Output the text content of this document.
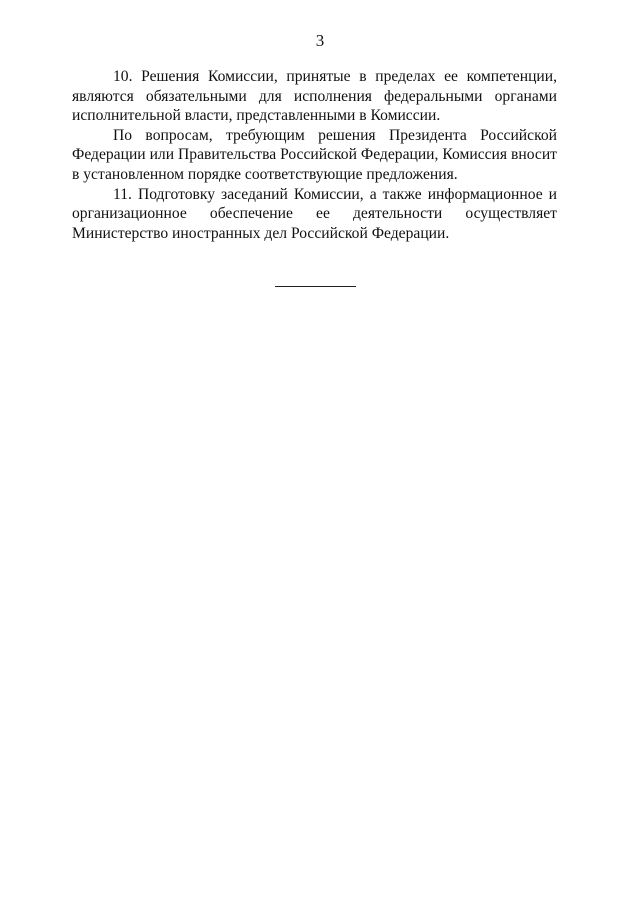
3

10. Решения Комиссии, принятые в пределах ее компетенции, являются обязательными для исполнения федеральными органами исполнительной власти, представленными в Комиссии.

По вопросам, требующим решения Президента Российской Федерации или Правительства Российской Федерации, Комиссия вносит в установленном порядке соответствующие предложения.

11. Подготовку заседаний Комиссии, а также информационное и организационное обеспечение ее деятельности осуществляет Министерство иностранных дел Российской Федерации.
